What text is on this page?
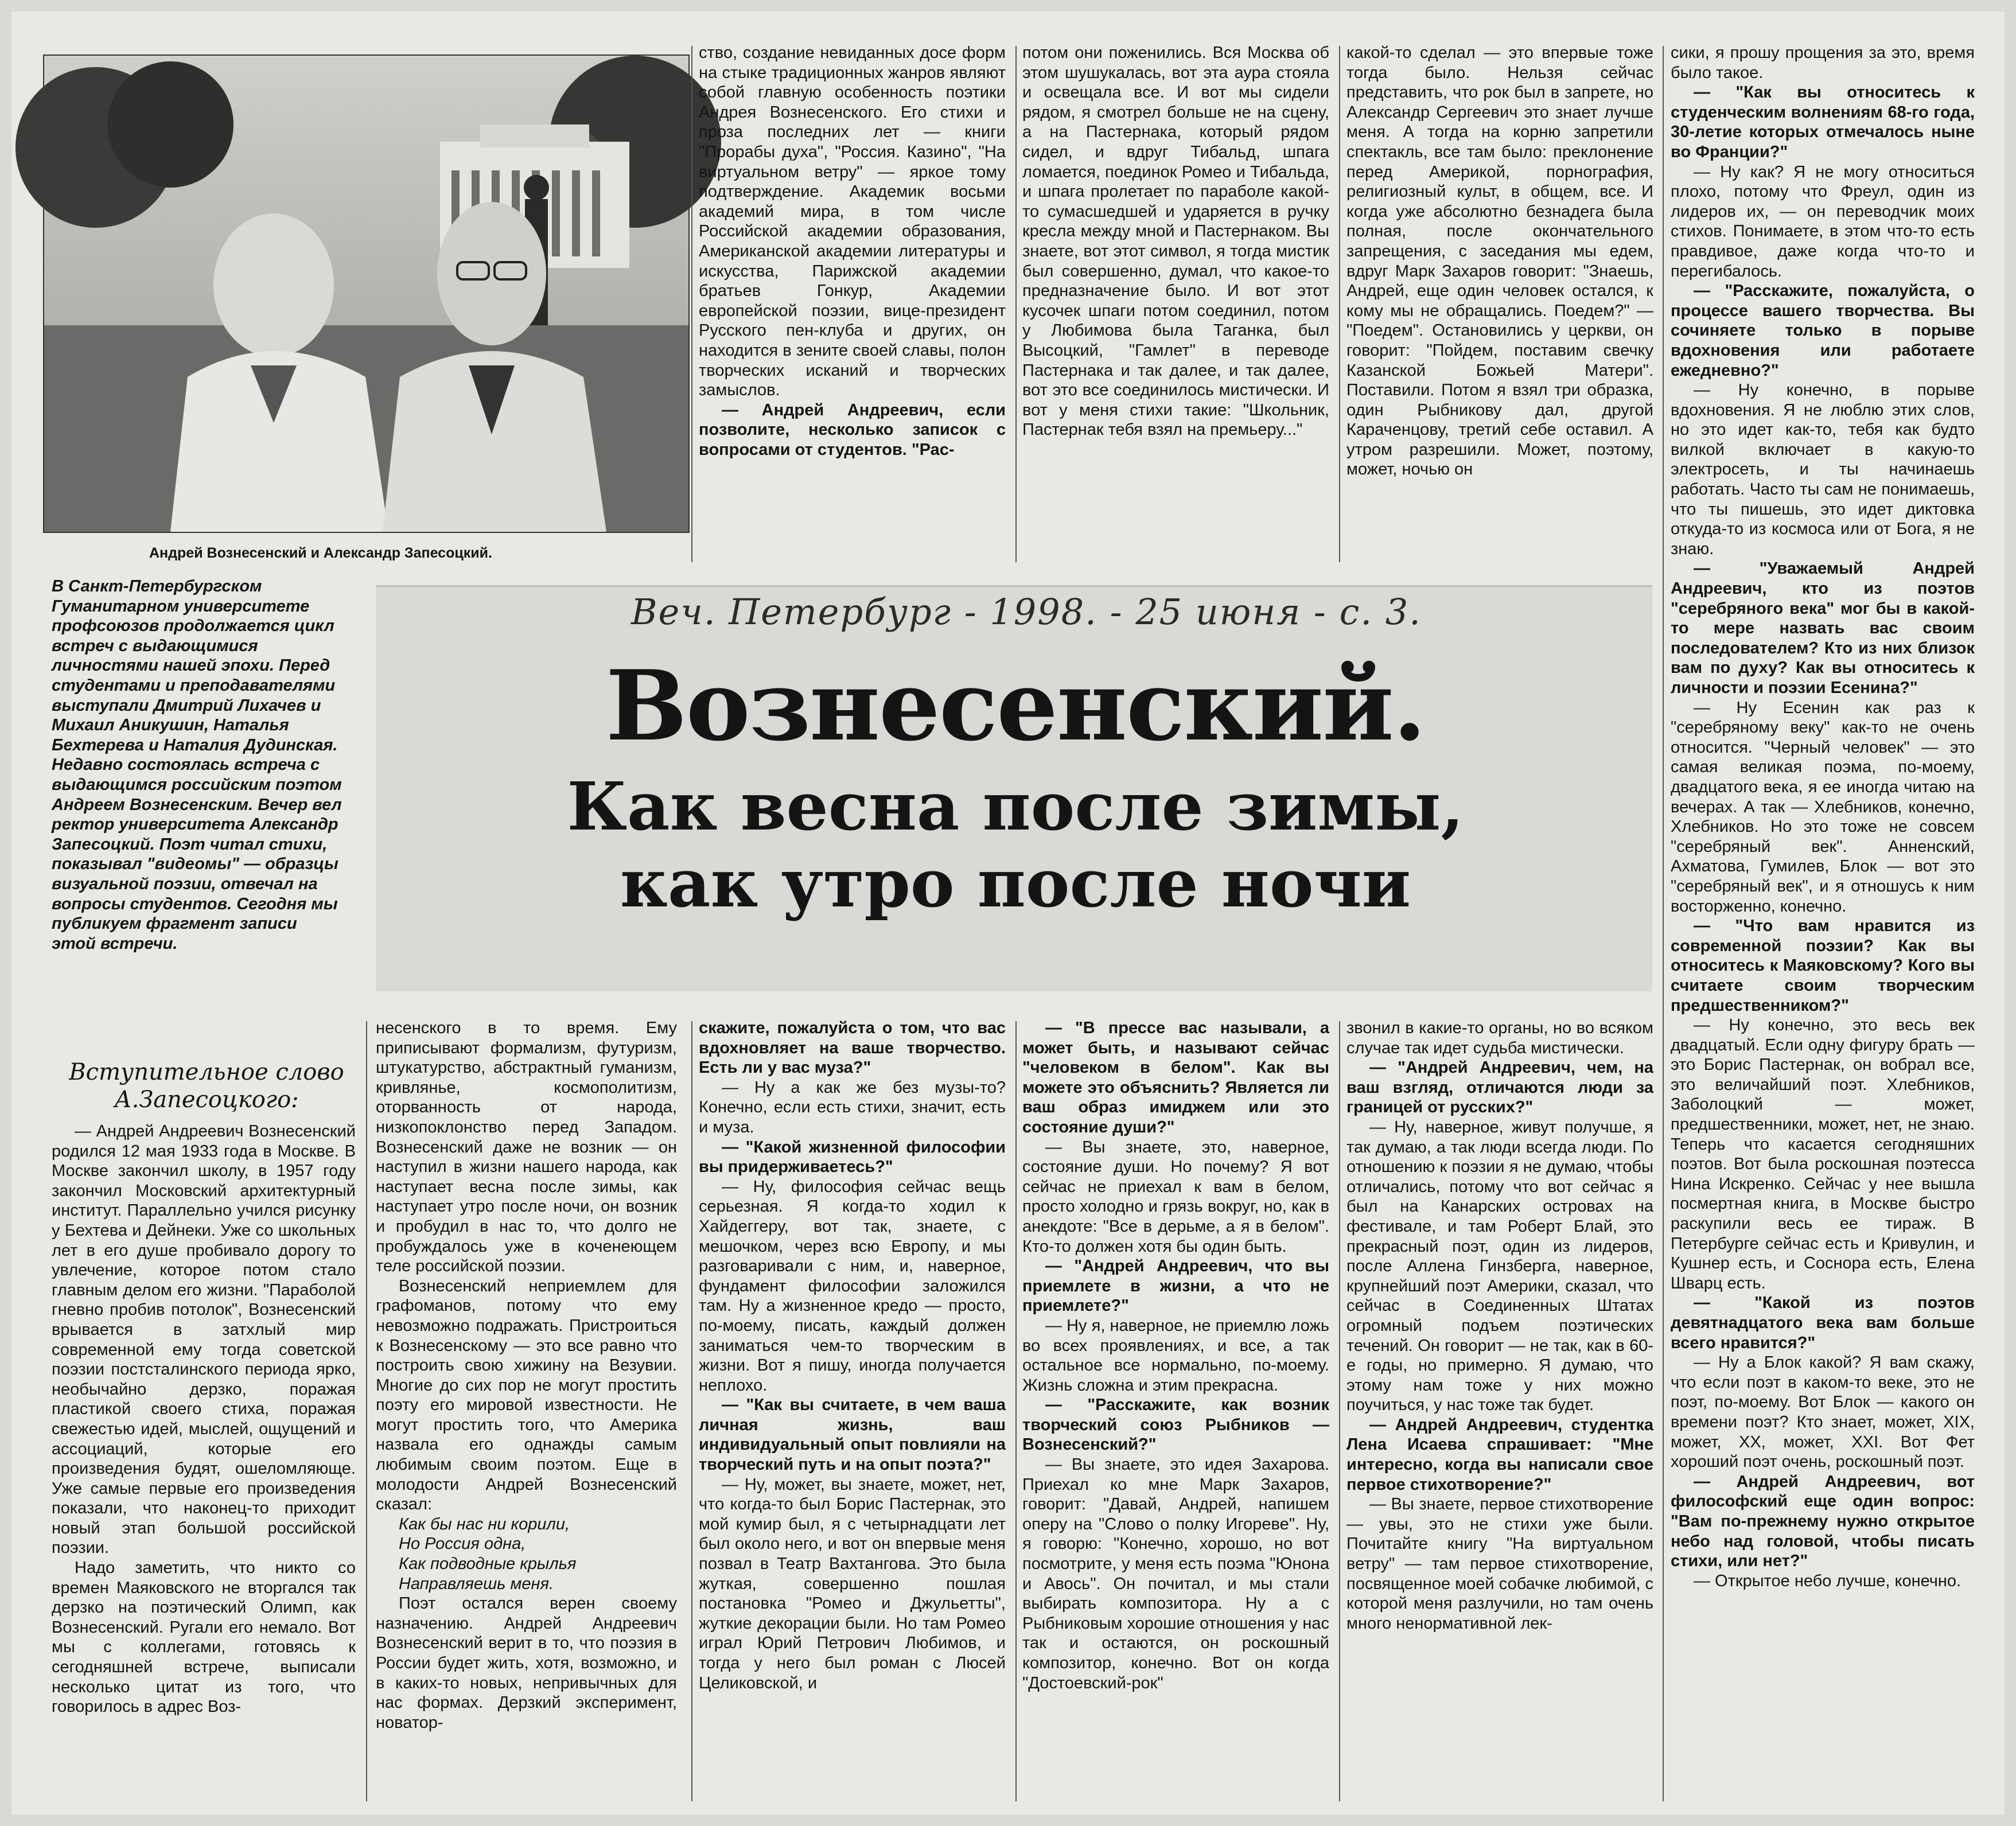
Андрей Вознесенский и Александр Запесоцкий.

ство, создание невиданных досе форм на стыке традиционных жанров являют собой главную особенность поэтики Андрея Вознесенского. Его стихи и проза последних лет — книги "Прорабы духа", "Россия. Казино", "На виртуальном ветру" — яркое тому подтверждение. Академик восьми академий мира, в том числе Российской академии образования, Американской академии литературы и искусства, Парижской академии братьев Гонкур, Академии европейской поэзии, вице-президент Русского пен-клуба и других, он находится в зените своей славы, полон творческих исканий и творческих замыслов.

— Андрей Андреевич, если позволите, несколько записок с вопросами от студентов. "Рас-

потом они поженились. Вся Москва об этом шушукалась, вот эта аура стояла и освещала все. И вот мы сидели рядом, я смотрел больше не на сцену, а на Пастернака, который рядом сидел, и вдруг Тибальд, шпага ломается, поединок Ромео и Тибальда, и шпага пролетает по параболе какой-то сумасшедшей и ударяется в ручку кресла между мной и Пастернаком. Вы знаете, вот этот символ, я тогда мистик был совершенно, думал, что какое-то предназначение было. И вот этот кусочек шпаги потом соединил, потом у Любимова была Таганка, был Высоцкий, "Гамлет" в переводе Пастернака и так далее, и так далее, вот это все соединилось мистически. И вот у меня стихи такие: "Школьник, Пастернак тебя взял на премьеру..."

какой-то сделал — это впервые тоже тогда было. Нельзя сейчас представить, что рок был в запрете, но Александр Сергеевич это знает лучше меня. А тогда на корню запретили спектакль, все там было: преклонение перед Америкой, порнография, религиозный культ, в общем, все. И когда уже абсолютно безнадега была полная, после окончательного запрещения, с заседания мы едем, вдруг Марк Захаров говорит: "Знаешь, Андрей, еще один человек остался, к кому мы не обращались. Поедем?" — "Поедем". Остановились у церкви, он говорит: "Пойдем, поставим свечку Казанской Божьей Матери". Поставили. Потом я взял три образка, один Рыбникову дал, другой Караченцову, третий себе оставил. А утром разрешили. Может, поэтому, может, ночью он

сики, я прошу прощения за это, время было такое.

— "Как вы относитесь к студенческим волнениям 68-го года, 30-летие которых отмечалось ныне во Франции?"

— Ну как? Я не могу относиться плохо, потому что Фреул, один из лидеров их, — он переводчик моих стихов. Понимаете, в этом что-то есть правдивое, даже когда что-то и перегибалось.

— "Расскажите, пожалуйста, о процессе вашего творчества. Вы сочиняете только в порыве вдохновения или работаете ежедневно?"

— Ну конечно, в порыве вдохновения. Я не люблю этих слов, но это идет как-то, тебя как будто вилкой включает в какую-то электросеть, и ты начинаешь работать. Часто ты сам не понимаешь, что ты пишешь, это идет диктовка откуда-то из космоса или от Бога, я не знаю.

— "Уважаемый Андрей Андреевич, кто из поэтов "серебряного века" мог бы в какой-то мере назвать вас своим последователем? Кто из них близок вам по духу? Как вы относитесь к личности и поэзии Есенина?"

— Ну Есенин как раз к "серебряному веку" как-то не очень относится. "Черный человек" — это самая великая поэма, по-моему, двадцатого века, я ее иногда читаю на вечерах. А так — Хлебников, конечно, Хлебников. Но это тоже не совсем "серебряный век". Анненский, Ахматова, Гумилев, Блок — вот это "серебряный век", и я отношусь к ним восторженно, конечно.

— "Что вам нравится из современной поэзии? Как вы относитесь к Маяковскому? Кого вы считаете своим творческим предшественником?"

— Ну конечно, это весь век двадцатый. Если одну фигуру брать — это Борис Пастернак, он вобрал все, это величайший поэт. Хлебников, Заболоцкий — может, предшественники, может, нет, не знаю. Теперь что касается сегодняшних поэтов. Вот была роскошная поэтесса Нина Искренко. Сейчас у нее вышла посмертная книга, в Москве быстро раскупили весь ее тираж. В Петербурге сейчас есть и Кривулин, и Кушнер есть, и Соснора есть, Елена Шварц есть.

— "Какой из поэтов девятнадцатого века вам больше всего нравится?"

— Ну а Блок какой? Я вам скажу, что если поэт в каком-то веке, это не поэт, по-моему. Вот Блок — какого он времени поэт? Кто знает, может, XIX, может, XX, может, XXI. Вот Фет хороший поэт очень, роскошный поэт.

— Андрей Андреевич, вот философский еще один вопрос: "Вам по-прежнему нужно открытое небо над головой, чтобы писать стихи, или нет?"

— Открытое небо лучше, конечно.

В Санкт-Петербургском Гуманитарном университете профсоюзов продолжается цикл встреч с выдающимися личностями нашей эпохи. Перед студентами и преподавателями выступали Дмитрий Лихачев и Михаил Аникушин, Наталья Бехтерева и Наталия Дудинская. Недавно состоялась встреча с выдающимся российским поэтом Андреем Вознесенским. Вечер вел ректор университета Александр Запесоцкий. Поэт читал стихи, показывал "видеомы" — образцы визуальной поэзии, отвечал на вопросы студентов. Сегодня мы публикуем фрагмент записи этой встречи.
Вступительное слово А.Запесоцкого:
Веч. Петербург - 1998. - 25 июня - с. 3.
Вознесенский.
Как весна после зимы,
как утро после ночи

— Андрей Андреевич Вознесенский родился 12 мая 1933 года в Москве. В Москве закончил школу, в 1957 году закончил Московский архитектурный институт. Параллельно учился рисунку у Бехтева и Дейнеки. Уже со школьных лет в его душе пробивало дорогу то увлечение, которое потом стало главным делом его жизни. "Параболой гневно пробив потолок", Вознесенский врывается в затхлый мир современной ему тогда советской поэзии постсталинского периода ярко, необычайно дерзко, поражая пластикой своего стиха, поражая свежестью идей, мыслей, ощущений и ассоциаций, которые его произведения будят, ошеломляюще. Уже самые первые его произведения показали, что наконец-то приходит новый этап большой российской поэзии.

Надо заметить, что никто со времен Маяковского не вторгался так дерзко на поэтический Олимп, как Вознесенский. Ругали его немало. Вот мы с коллегами, готовясь к сегодняшней встрече, выписали несколько цитат из того, что говорилось в адрес Воз-

несенского в то время. Ему приписывают формализм, футуризм, штукатурство, абстрактный гуманизм, кривлянье, космополитизм, оторванность от народа, низкопоклонство перед Западом. Вознесенский даже не возник — он наступил в жизни нашего народа, как наступает весна после зимы, как наступает утро после ночи, он возник и пробудил в нас то, что долго не пробуждалось уже в коченеющем теле российской поэзии.

Вознесенский неприемлем для графоманов, потому что ему невозможно подражать. Пристроиться к Вознесенскому — это все равно что построить свою хижину на Везувии. Многие до сих пор не могут простить поэту его мировой известности. Не могут простить того, что Америка назвала его однажды самым любимым своим поэтом. Еще в молодости Андрей Вознесенский сказал:

Как бы нас ни корили,
Но Россия одна,
Как подводные крылья
Направляешь меня.

Поэт остался верен своему назначению. Андрей Андреевич Вознесенский верит в то, что поэзия в России будет жить, хотя, возможно, и в каких-то новых, непривычных для нас формах. Дерзкий эксперимент, новатор-

скажите, пожалуйста о том, что вас вдохновляет на ваше творчество. Есть ли у вас муза?"

— Ну а как же без музы-то? Конечно, если есть стихи, значит, есть и муза.

— "Какой жизненной философии вы придерживаетесь?"

— Ну, философия сейчас вещь серьезная. Я когда-то ходил к Хайдеггеру, вот так, знаете, с мешочком, через всю Европу, и мы разговаривали с ним, и, наверное, фундамент философии заложился там. Ну а жизненное кредо — просто, по-моему, писать, каждый должен заниматься чем-то творческим в жизни. Вот я пишу, иногда получается неплохо.

— "Как вы считаете, в чем ваша личная жизнь, ваш индивидуальный опыт повлияли на творческий путь и на опыт поэта?"

— Ну, может, вы знаете, может, нет, что когда-то был Борис Пастернак, это мой кумир был, я с четырнадцати лет был около него, и вот он впервые меня позвал в Театр Вахтангова. Это была жуткая, совершенно пошлая постановка "Ромео и Джульетты", жуткие декорации были. Но там Ромео играл Юрий Петрович Любимов, и тогда у него был роман с Люсей Целиковской, и

— "В прессе вас называли, а может быть, и называют сейчас "человеком в белом". Как вы можете это объяснить? Является ли ваш образ имиджем или это состояние души?"

— Вы знаете, это, наверное, состояние души. Но почему? Я вот сейчас не приехал к вам в белом, просто холодно и грязь вокруг, но, как в анекдоте: "Все в дерьме, а я в белом". Кто-то должен хотя бы один быть.

— "Андрей Андреевич, что вы приемлете в жизни, а что не приемлете?"

— Ну я, наверное, не приемлю ложь во всех проявлениях, и все, а так остальное все нормально, по-моему. Жизнь сложна и этим прекрасна.

— "Расскажите, как возник творческий союз Рыбников — Вознесенский?"

— Вы знаете, это идея Захарова. Приехал ко мне Марк Захаров, говорит: "Давай, Андрей, напишем оперу на "Слово о полку Игореве". Ну, я говорю: "Конечно, хорошо, но вот посмотрите, у меня есть поэма "Юнона и Авось". Он почитал, и мы стали выбирать композитора. Ну а с Рыбниковым хорошие отношения у нас так и остаются, он роскошный композитор, конечно. Вот он когда "Достоевский-рок"

звонил в какие-то органы, но во всяком случае так идет судьба мистически.

— "Андрей Андреевич, чем, на ваш взгляд, отличаются люди за границей от русских?"

— Ну, наверное, живут получше, я так думаю, а так люди всегда люди. По отношению к поэзии я не думаю, чтобы отличались, потому что вот сейчас я был на Канарских островах на фестивале, и там Роберт Блай, это прекрасный поэт, один из лидеров, после Аллена Гинзберга, наверное, крупнейший поэт Америки, сказал, что сейчас в Соединенных Штатах огромный подъем поэтических течений. Он говорит — не так, как в 60-е годы, но примерно. Я думаю, что этому нам тоже у них можно поучиться, у нас тоже так будет.

— Андрей Андреевич, студентка Лена Исаева спрашивает: "Мне интересно, когда вы написали свое первое стихотворение?"

— Вы знаете, первое стихотворение — увы, это не стихи уже были. Почитайте книгу "На виртуальном ветру" — там первое стихотворение, посвященное моей собачке любимой, с которой меня разлучили, но там очень много ненормативной лек-
